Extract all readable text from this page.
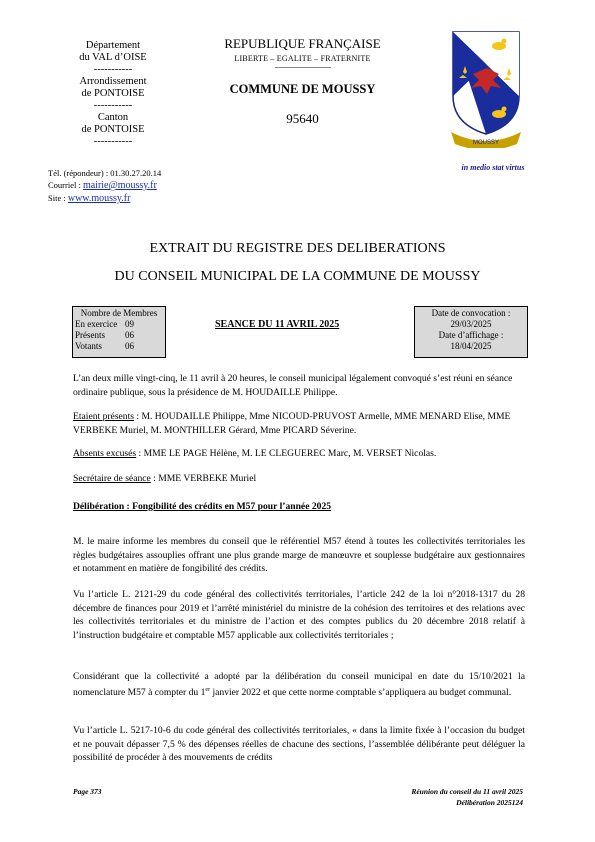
Département
du VAL d’OISE
-----------
Arrondissement
de PONTOISE
-----------
Canton
de PONTOISE
-----------
Tél. (répondeur) : 01.30.27.20.14
Courriel : mairie@moussy.fr
Site : www.moussy.fr
REPUBLIQUE FRANÇAISE
LIBERTE – EGALITE – FRATERNITE
COMMUNE DE MOUSSY
95640
MOUSSY
in medio stat virtus
EXTRAIT DU REGISTRE DES DELIBERATIONS
DU CONSEIL MUNICIPAL DE LA COMMUNE DE MOUSSY
Nombre de Membres
En exercice 09
Présents 06
Votants	06
SEANCE DU 11 AVRIL 2025
Date de convocation :
29/03/2025
Date d’affichage :
18/04/2025
L’an deux mille vingt-cinq, le 11 avril à 20 heures, le conseil municipal légalement convoqué s’est réuni en séance ordinaire publique, sous la présidence de M. HOUDAILLE Philippe.
Etaient présents : M. HOUDAILLE Philippe, Mme NICOUD-PRUVOST Armelle, MME MENARD Elise, MME VERBEKE Muriel, M. MONTHILLER Gérard, Mme PICARD Séverine.
Absents excusés : MME LE PAGE Hélène, M. LE CLEGUEREC Marc, M. VERSET Nicolas.
Secrétaire de séance : MME VERBEKE Muriel
Délibération : Fongibilité des crédits en M57 pour l’année 2025
M. le maire informe les membres du conseil que le référentiel M57 étend à toutes les collectivités territoriales les règles budgétaires assouplies offrant une plus grande marge de manœuvre et souplesse budgétaire aux gestionnaires et notamment en matière de fongibilité des crédits.
Vu l’article L. 2121-29 du code général des collectivités territoriales, l’article 242 de la loi n°2018-1317 du 28 décembre de finances pour 2019 et l’arrêté ministériel du ministre de la cohésion des territoires et des relations avec les collectivités territoriales et du ministre de l’action et des comptes publics du 20 décembre 2018 relatif à l’instruction budgétaire et comptable M57 applicable aux collectivités territoriales ;
Considérant que la collectivité a adopté par la délibération du conseil municipal en date du 15/10/2021 la nomenclature M57 à compter du 1er janvier 2022 et que cette norme comptable s’appliquera au budget communal.
Vu l’article L. 5217-10-6 du code général des collectivités territoriales, « dans la limite fixée à l’occasion du budget et ne pouvait dépasser 7,5 % des dépenses réelles de chacune des sections, l’assemblée délibérante peut déléguer la possibilité de procéder à des mouvements de crédits
Page 373	Réunion du conseil du 11 avril 2025
Délibération 2025124
